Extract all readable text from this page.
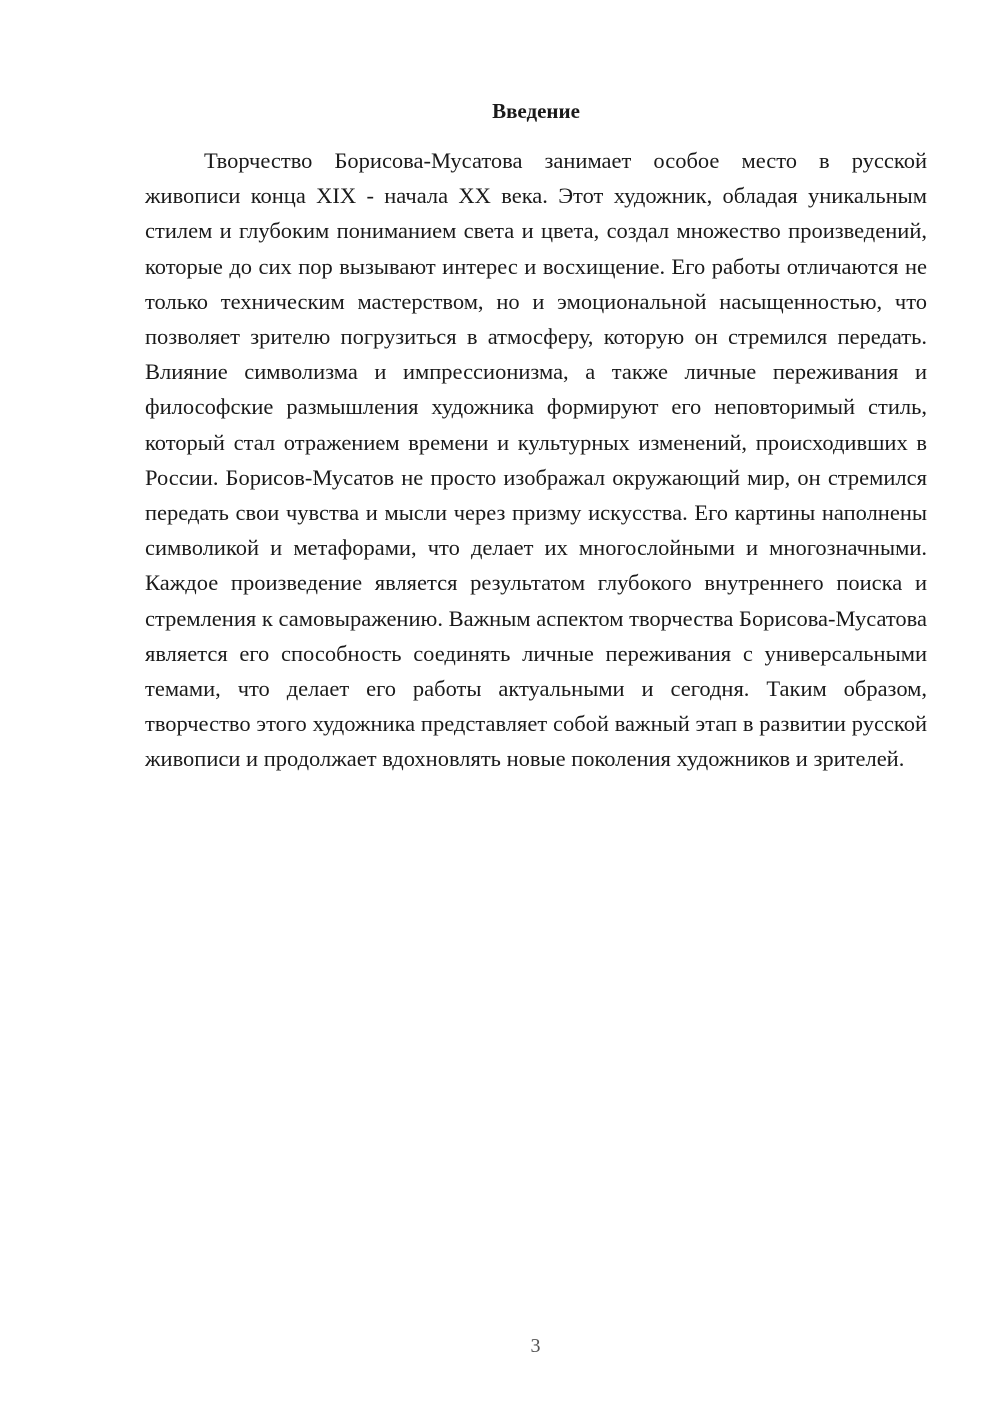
Введение

Творчество Борисова-Мусатова занимает особое место в русской живописи конца XIX - начала XX века. Этот художник, обладая уникальным стилем и глубоким пониманием света и цвета, создал множество произведений, которые до сих пор вызывают интерес и восхищение. Его работы отличаются не только техническим мастерством, но и эмоциональной насыщенностью, что позволяет зрителю погрузиться в атмосферу, которую он стремился передать. Влияние символизма и импрессионизма, а также личные переживания и философские размышления художника формируют его неповторимый стиль, который стал отражением времени и культурных изменений, происходивших в России. Борисов-Мусатов не просто изображал окружающий мир, он стремился передать свои чувства и мысли через призму искусства. Его картины наполнены символикой и метафорами, что делает их многослойными и многозначными. Каждое произведение является результатом глубокого внутреннего поиска и стремления к самовыражению. Важным аспектом творчества Борисова-Мусатова является его способность соединять личные переживания с универсальными темами, что делает его работы актуальными и сегодня. Таким образом, творчество этого художника представляет собой важный этап в развитии русской живописи и продолжает вдохновлять новые поколения художников и зрителей.

3
